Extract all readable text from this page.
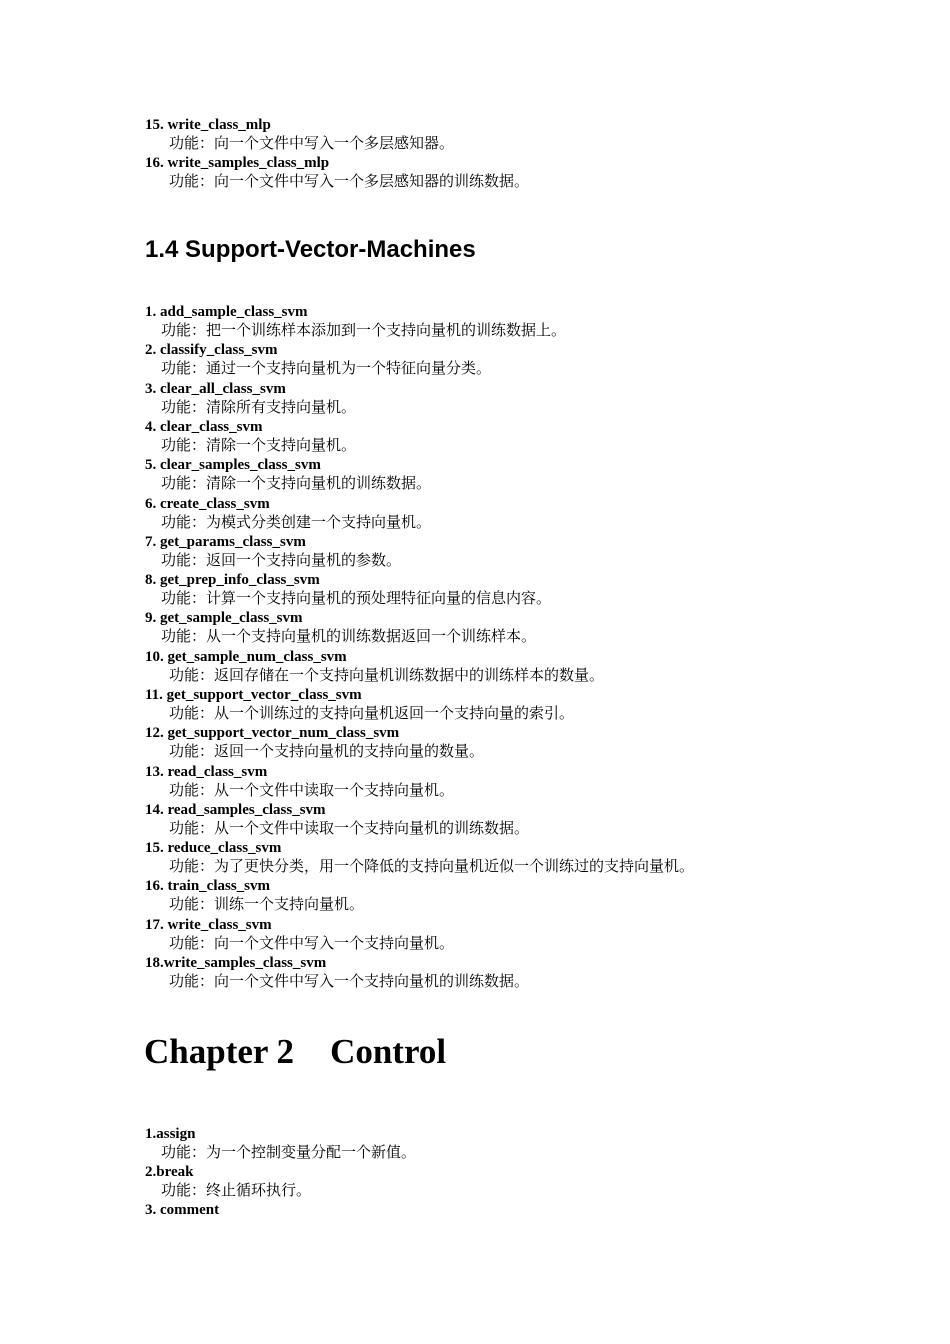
15. write_class_mlp
功能：向一个文件中写入一个多层感知器。
16. write_samples_class_mlp
功能：向一个文件中写入一个多层感知器的训练数据。
1.4 Support-Vector-Machines
1. add_sample_class_svm
功能：把一个训练样本添加到一个支持向量机的训练数据上。
2. classify_class_svm
功能：通过一个支持向量机为一个特征向量分类。
3. clear_all_class_svm
功能：清除所有支持向量机。
4. clear_class_svm
功能：清除一个支持向量机。
5. clear_samples_class_svm
功能：清除一个支持向量机的训练数据。
6. create_class_svm
功能：为模式分类创建一个支持向量机。
7. get_params_class_svm
功能：返回一个支持向量机的参数。
8. get_prep_info_class_svm
功能：计算一个支持向量机的预处理特征向量的信息内容。
9. get_sample_class_svm
功能：从一个支持向量机的训练数据返回一个训练样本。
10. get_sample_num_class_svm
功能：返回存储在一个支持向量机训练数据中的训练样本的数量。
11. get_support_vector_class_svm
功能：从一个训练过的支持向量机返回一个支持向量的索引。
12. get_support_vector_num_class_svm
功能：返回一个支持向量机的支持向量的数量。
13. read_class_svm
功能：从一个文件中读取一个支持向量机。
14. read_samples_class_svm
功能：从一个文件中读取一个支持向量机的训练数据。
15. reduce_class_svm
功能：为了更快分类，用一个降低的支持向量机近似一个训练过的支持向量机。
16. train_class_svm
功能：训练一个支持向量机。
17. write_class_svm
功能：向一个文件中写入一个支持向量机。
18.write_samples_class_svm
功能：向一个文件中写入一个支持向量机的训练数据。
Chapter 2 Control
1.assign
功能：为一个控制变量分配一个新值。
2.break
功能：终止循环执行。
3. comment
